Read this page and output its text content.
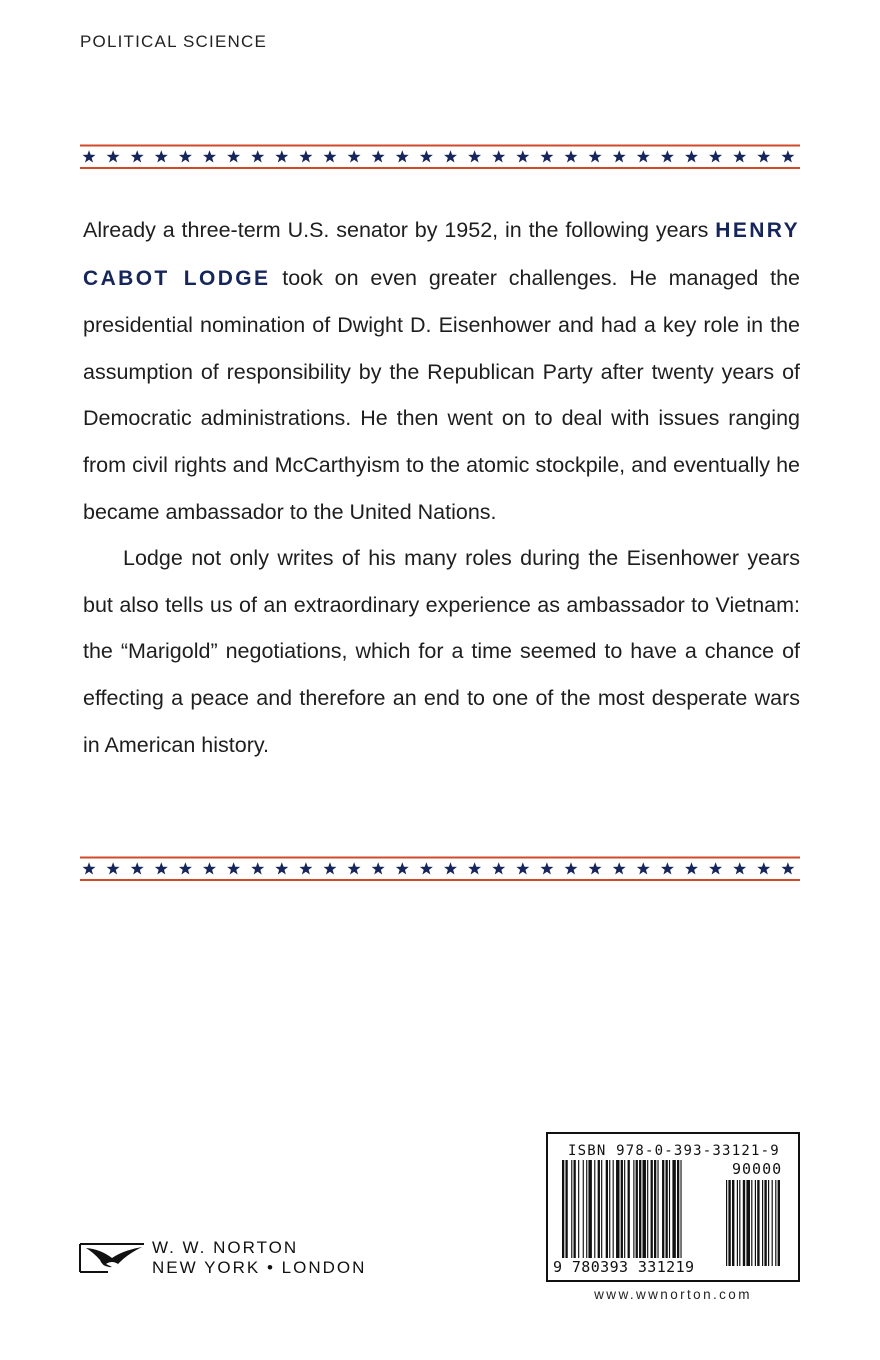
POLITICAL SCIENCE

Already a three-term U.S. senator by 1952, in the following years HENRY CABOT LODGE took on even greater challenges. He managed the presidential nomination of Dwight D. Eisenhower and had a key role in the assumption of responsibility by the Republican Party after twenty years of Democratic administrations. He then went on to deal with issues ranging from civil rights and McCarthyism to the atomic stockpile, and eventually he became ambassador to the United Nations.

Lodge not only writes of his many roles during the Eisenhower years but also tells us of an extraordinary experience as ambassador to Vietnam: the “Marigold” negotiations, which for a time seemed to have a chance of effecting a peace and therefore an end to one of the most desperate wars in American history.

W. W. NORTON
NEW YORK • LONDON
ISBN 978-0-393-33121-9
90000
9 780393 331219
www.wwnorton.com
